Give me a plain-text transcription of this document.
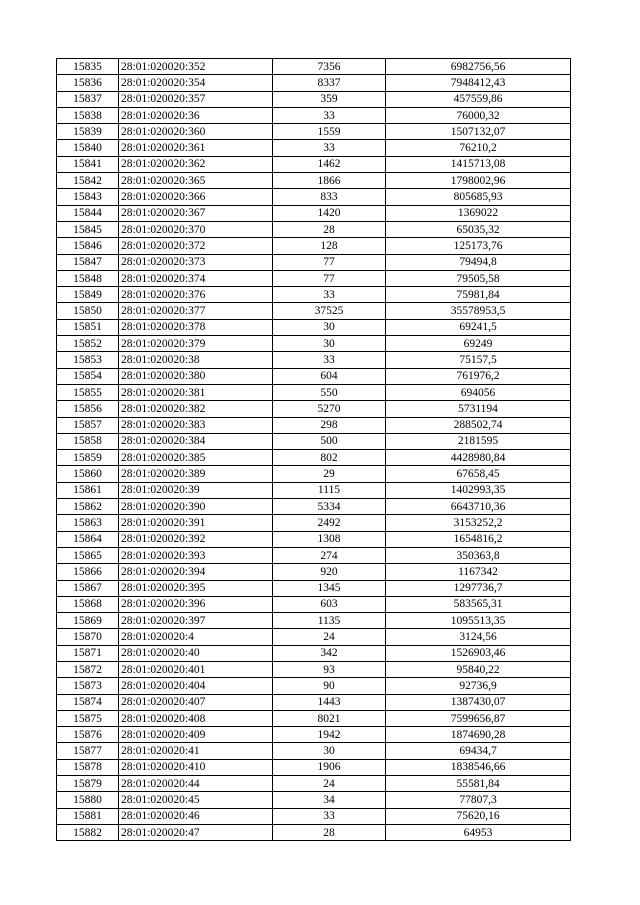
15835	28:01:020020:352	7356	6982756,56
15836	28:01:020020:354	8337	7948412,43
15837	28:01:020020:357	359	457559,86
15838	28:01:020020:36	33	76000,32
15839	28:01:020020:360	1559	1507132,07
15840	28:01:020020:361	33	76210,2
15841	28:01:020020:362	1462	1415713,08
15842	28:01:020020:365	1866	1798002,96
15843	28:01:020020:366	833	805685,93
15844	28:01:020020:367	1420	1369022
15845	28:01:020020:370	28	65035,32
15846	28:01:020020:372	128	125173,76
15847	28:01:020020:373	77	79494,8
15848	28:01:020020:374	77	79505,58
15849	28:01:020020:376	33	75981,84
15850	28:01:020020:377	37525	35578953,5
15851	28:01:020020:378	30	69241,5
15852	28:01:020020:379	30	69249
15853	28:01:020020:38	33	75157,5
15854	28:01:020020:380	604	761976,2
15855	28:01:020020:381	550	694056
15856	28:01:020020:382	5270	5731194
15857	28:01:020020:383	298	288502,74
15858	28:01:020020:384	500	2181595
15859	28:01:020020:385	802	4428980,84
15860	28:01:020020:389	29	67658,45
15861	28:01:020020:39	1115	1402993,35
15862	28:01:020020:390	5334	6643710,36
15863	28:01:020020:391	2492	3153252,2
15864	28:01:020020:392	1308	1654816,2
15865	28:01:020020:393	274	350363,8
15866	28:01:020020:394	920	1167342
15867	28:01:020020:395	1345	1297736,7
15868	28:01:020020:396	603	583565,31
15869	28:01:020020:397	1135	1095513,35
15870	28:01:020020:4	24	3124,56
15871	28:01:020020:40	342	1526903,46
15872	28:01:020020:401	93	95840,22
15873	28:01:020020:404	90	92736,9
15874	28:01:020020:407	1443	1387430,07
15875	28:01:020020:408	8021	7599656,87
15876	28:01:020020:409	1942	1874690,28
15877	28:01:020020:41	30	69434,7
15878	28:01:020020:410	1906	1838546,66
15879	28:01:020020:44	24	55581,84
15880	28:01:020020:45	34	77807,3
15881	28:01:020020:46	33	75620,16
15882	28:01:020020:47	28	64953
